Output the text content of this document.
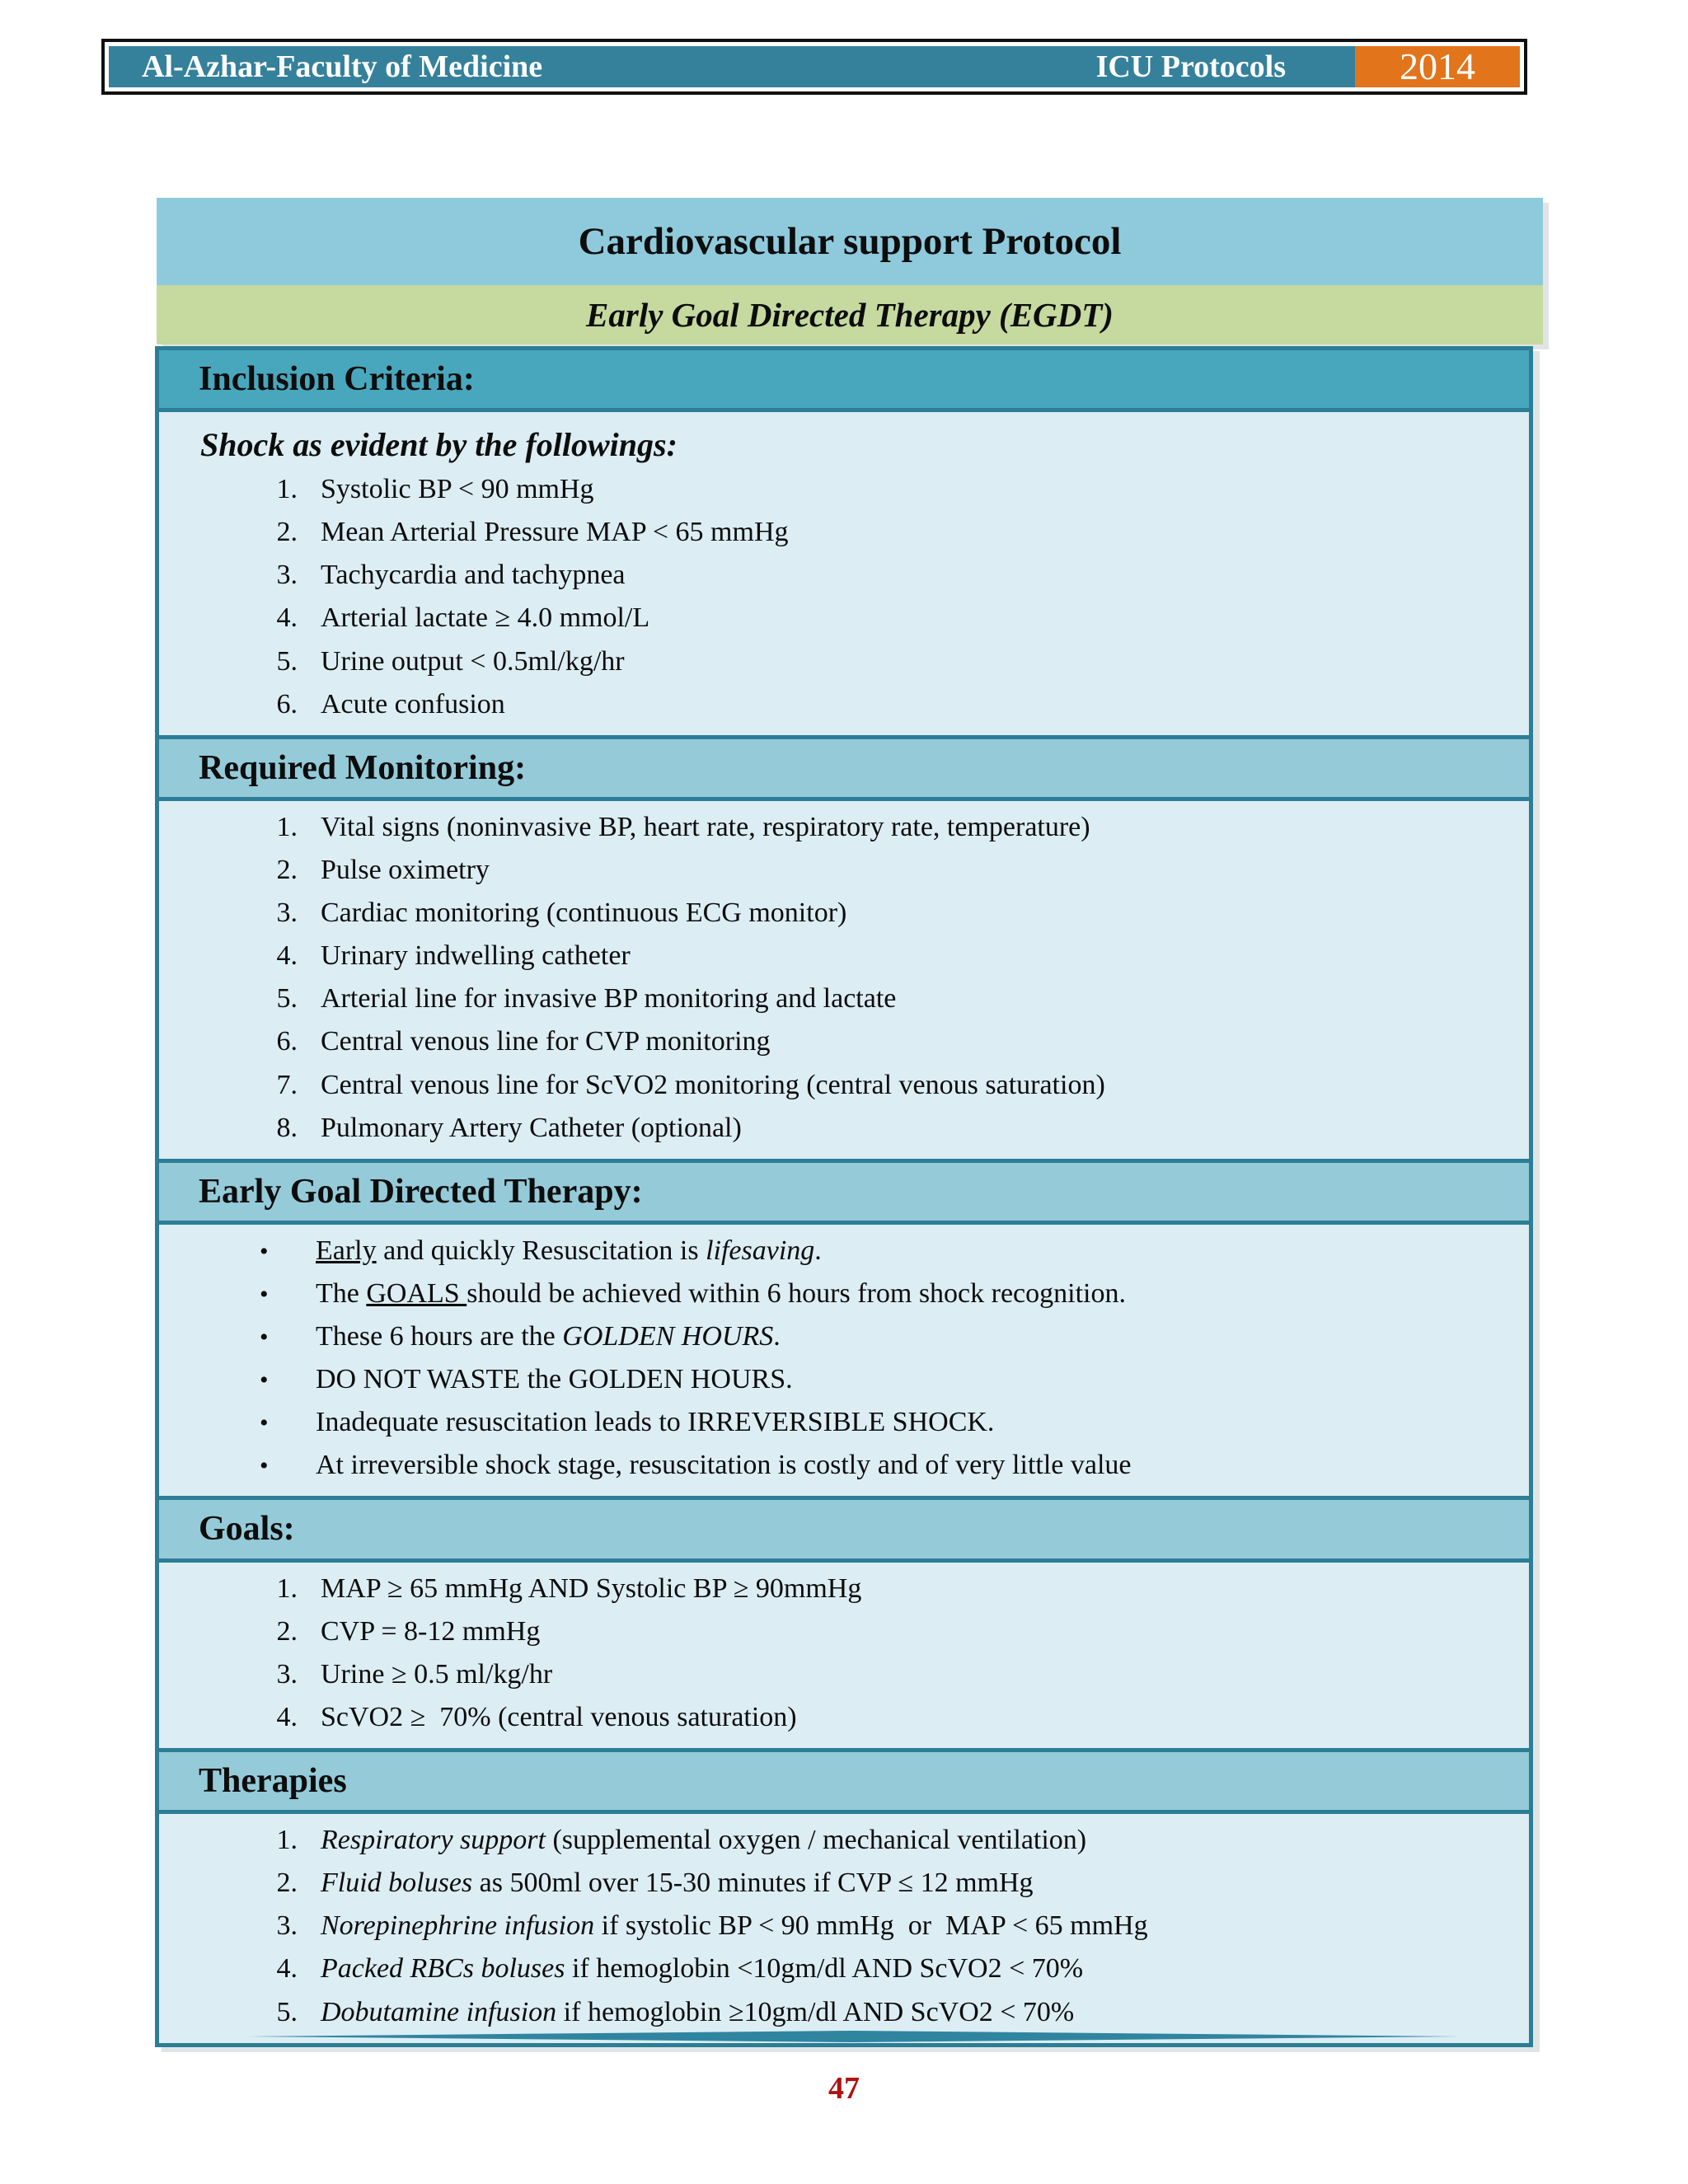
Al-Azhar-Faculty of Medicine	ICU Protocols	2014
Cardiovascular support Protocol
Early Goal Directed Therapy (EGDT)
Inclusion Criteria:
Shock as evident by the followings:
1. Systolic BP < 90 mmHg
2. Mean Arterial Pressure MAP < 65 mmHg
3. Tachycardia and tachypnea
4. Arterial lactate ≥ 4.0 mmol/L
5. Urine output < 0.5ml/kg/hr
6. Acute confusion
Required Monitoring:
1. Vital signs (noninvasive BP, heart rate, respiratory rate, temperature)
2. Pulse oximetry
3. Cardiac monitoring (continuous ECG monitor)
4. Urinary indwelling catheter
5. Arterial line for invasive BP monitoring and lactate
6. Central venous line for CVP monitoring
7. Central venous line for ScVO2 monitoring (central venous saturation)
8. Pulmonary Artery Catheter (optional)
Early Goal Directed Therapy:
•	Early and quickly Resuscitation is lifesaving.
•	The GOALS should be achieved within 6 hours from shock recognition.
•	These 6 hours are the GOLDEN HOURS.
•	DO NOT WASTE the GOLDEN HOURS.
•	Inadequate resuscitation leads to IRREVERSIBLE SHOCK.
•	At irreversible shock stage, resuscitation is costly and of very little value
Goals:
1. MAP ≥ 65 mmHg AND Systolic BP ≥ 90mmHg
2. CVP = 8-12 mmHg
3. Urine ≥ 0.5 ml/kg/hr
4. ScVO2 ≥  70% (central venous saturation)
Therapies
1. Respiratory support (supplemental oxygen / mechanical ventilation)
2. Fluid boluses as 500ml over 15-30 minutes if CVP ≤ 12 mmHg
3. Norepinephrine infusion if systolic BP < 90 mmHg  or  MAP < 65 mmHg
4. Packed RBCs boluses if hemoglobin <10gm/dl AND ScVO2 < 70%
5. Dobutamine infusion if hemoglobin ≥10gm/dl AND ScVO2 < 70%
47
